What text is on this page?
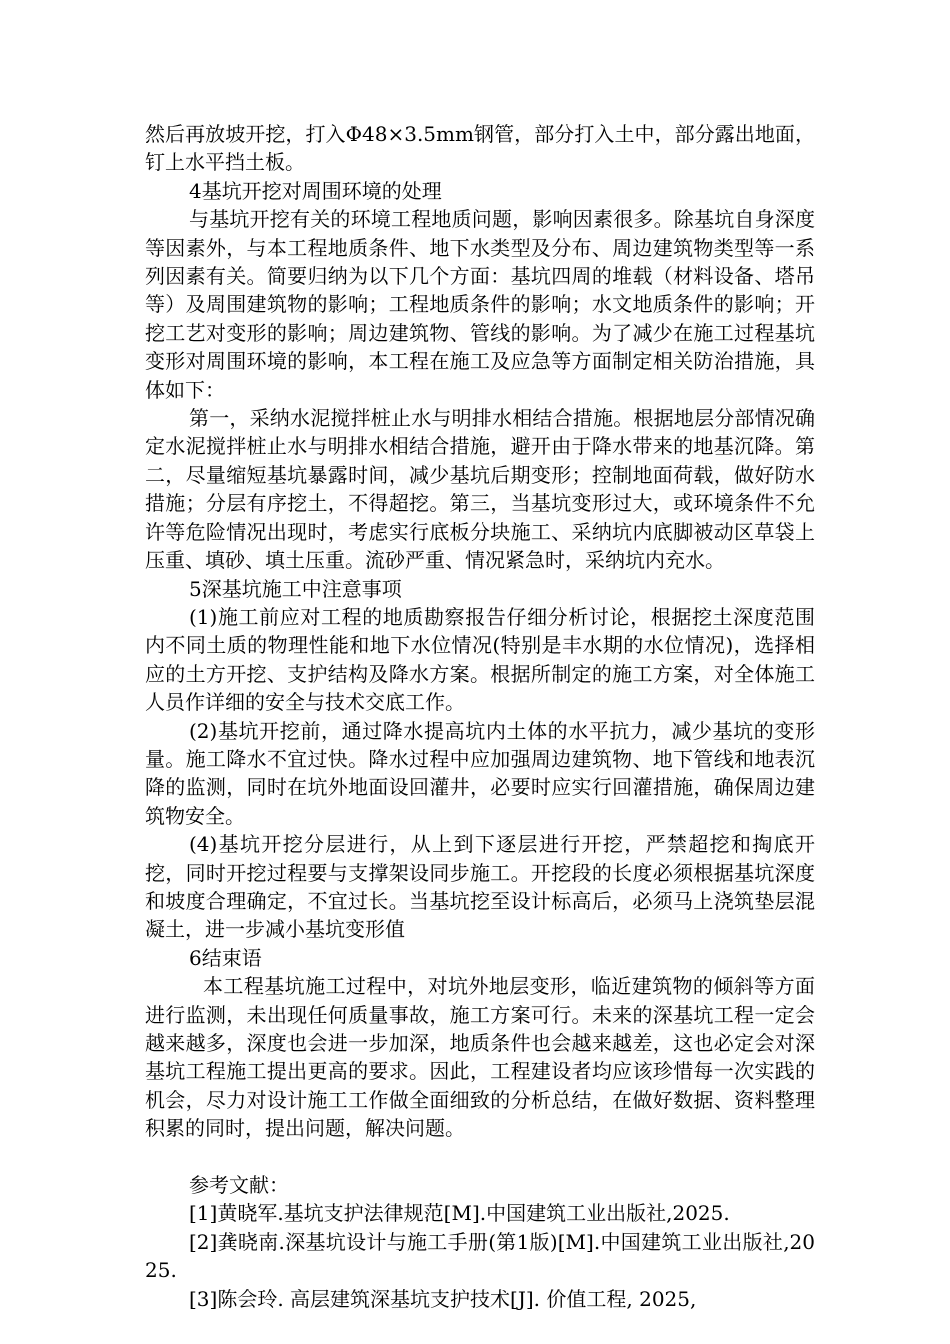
然后再放坡开挖，打入Φ48×3.5mm钢管，部分打入土中，部分露出地面，钉上水平挡土板。

4基坑开挖对周围环境的处理

与基坑开挖有关的环境工程地质问题，影响因素很多。除基坑自身深度等因素外，与本工程地质条件、地下水类型及分布、周边建筑物类型等一系列因素有关。简要归纳为以下几个方面：基坑四周的堆载（材料设备、塔吊等）及周围建筑物的影响；工程地质条件的影响；水文地质条件的影响；开挖工艺对变形的影响；周边建筑物、管线的影响。为了减少在施工过程基坑变形对周围环境的影响，本工程在施工及应急等方面制定相关防治措施，具体如下：

第一，采纳水泥搅拌桩止水与明排水相结合措施。根据地层分部情况确定水泥搅拌桩止水与明排水相结合措施，避开由于降水带来的地基沉降。第二，尽量缩短基坑暴露时间，减少基坑后期变形；控制地面荷载，做好防水措施；分层有序挖土，不得超挖。第三，当基坑变形过大，或环境条件不允许等危险情况出现时，考虑实行底板分块施工、采纳坑内底脚被动区草袋上压重、填砂、填土压重。流砂严重、情况紧急时，采纳坑内充水。

5深基坑施工中注意事项

(1)施工前应对工程的地质勘察报告仔细分析讨论，根据挖土深度范围内不同土质的物理性能和地下水位情况(特别是丰水期的水位情况)，选择相应的土方开挖、支护结构及降水方案。根据所制定的施工方案，对全体施工人员作详细的安全与技术交底工作。

(2)基坑开挖前，通过降水提高坑内土体的水平抗力，减少基坑的变形量。施工降水不宜过快。降水过程中应加强周边建筑物、地下管线和地表沉降的监测，同时在坑外地面设回灌井，必要时应实行回灌措施，确保周边建筑物安全。

(4)基坑开挖分层进行，从上到下逐层进行开挖，严禁超挖和掏底开挖，同时开挖过程要与支撑架设同步施工。开挖段的长度必须根据基坑深度和坡度合理确定，不宜过长。当基坑挖至设计标高后，必须马上浇筑垫层混凝土，进一步减小基坑变形值

6结束语

本工程基坑施工过程中，对坑外地层变形，临近建筑物的倾斜等方面进行监测，未出现任何质量事故，施工方案可行。未来的深基坑工程一定会越来越多，深度也会进一步加深，地质条件也会越来越差，这也必定会对深基坑工程施工提出更高的要求。因此，工程建设者均应该珍惜每一次实践的机会，尽力对设计施工工作做全面细致的分析总结，在做好数据、资料整理积累的同时，提出问题，解决问题。

参考文献：

[1]黄晓军.基坑支护法律规范[M].中国建筑工业出版社,2025.

[2]龚晓南.深基坑设计与施工手册(第1版)[M].中国建筑工业出版社,2025.

[3]陈会玲. 高层建筑深基坑支护技术[J]. 价值工程, 2025,
